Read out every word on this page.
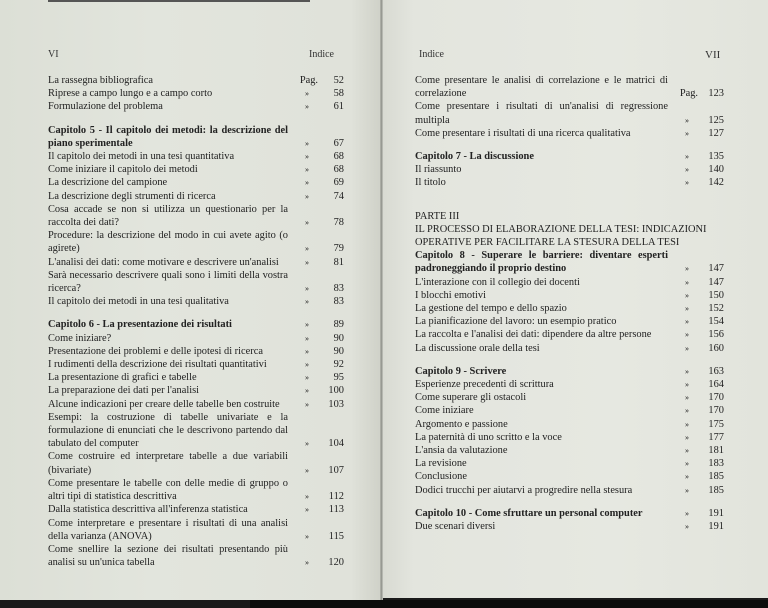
VI	Indice
La rassegna bibliografica	Pag.	52
Riprese a campo lungo e a campo corto	»	58
Formulazione del problema	»	61
Capitolo 5 - Il capitolo dei metodi: la descrizione del piano sperimentale	»	67
Il capitolo dei metodi in una tesi quantitativa	»	68
Come iniziare il capitolo dei metodi	»	68
La descrizione del campione	»	69
La descrizione degli strumenti di ricerca	»	74
Cosa accade se non si utilizza un questionario per la raccolta dei dati?	»	78
Procedure: la descrizione del modo in cui avete agito (o agirete)	»	79
L'analisi dei dati: come motivare e descrivere un'analisi	»	81
Sarà necessario descrivere quali sono i limiti della vostra ricerca?	»	83
Il capitolo dei metodi in una tesi qualitativa	»	83
Capitolo 6 - La presentazione dei risultati	»	89
Come iniziare?	»	90
Presentazione dei problemi e delle ipotesi di ricerca	»	90
I rudimenti della descrizione dei risultati quantitativi	»	92
La presentazione di grafici e tabelle	»	95
La preparazione dei dati per l'analisi	»	100
Alcune indicazioni per creare delle tabelle ben costruite	»	103
Esempi: la costruzione di tabelle univariate e la formulazione di enunciati che le descrivono partendo dal tabulato del computer	»	104
Come costruire ed interpretare tabelle a due variabili (bivariate)	»	107
Come presentare le tabelle con delle medie di gruppo o altri tipi di statistica descrittiva	»	112
Dalla statistica descrittiva all'inferenza statistica	»	113
Come interpretare e presentare i risultati di una analisi della varianza (ANOVA)	»	115
Come snellire la sezione dei risultati presentando più analisi su un'unica tabella	»	120
Indice	VII
Come presentare le analisi di correlazione e le matrici di correlazione	Pag.	123
Come presentare i risultati di un'analisi di regressione multipla	»	125
Come presentare i risultati di una ricerca qualitativa	»	127
Capitolo 7 - La discussione	»	135
Il riassunto	»	140
Il titolo	»	142
PARTE III
IL PROCESSO DI ELABORAZIONE DELLA TESI: INDICAZIONI OPERATIVE PER FACILITARE LA STESURA DELLA TESI
Capitolo 8 - Superare le barriere: diventare esperti padroneggiando il proprio destino	»	147
L'interazione con il collegio dei docenti	»	147
I blocchi emotivi	»	150
La gestione del tempo e dello spazio	»	152
La pianificazione del lavoro: un esempio pratico	»	154
La raccolta e l'analisi dei dati: dipendere da altre persone	»	156
La discussione orale della tesi	»	160
Capitolo 9 - Scrivere	»	163
Esperienze precedenti di scrittura	»	164
Come superare gli ostacoli	»	170
Come iniziare	»	170
Argomento e passione	»	175
La paternità di uno scritto e la voce	»	177
L'ansia da valutazione	»	181
La revisione	»	183
Conclusione	»	185
Dodici trucchi per aiutarvi a progredire nella stesura	»	185
Capitolo 10 - Come sfruttare un personal computer	»	191
Due scenari diversi	»	191
